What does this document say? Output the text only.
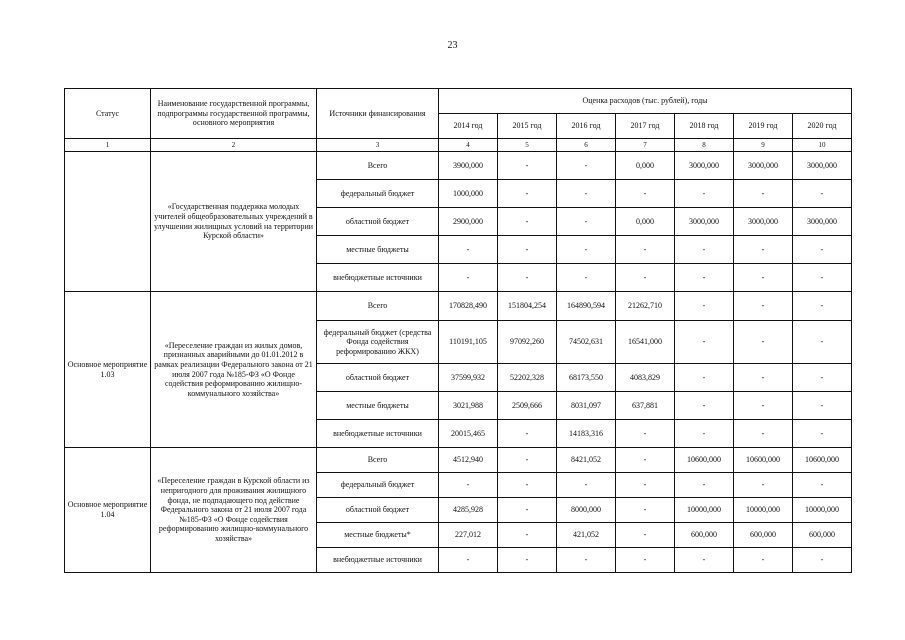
23
Статус	Наименование государственной программы, подпрограммы государственной программы, основного мероприятия	Источники финансирования	Оценка расходов (тыс. рублей), годы						
			2014 год	2015 год	2016 год	2017 год	2018 год	2019 год	2020 год
1	2	3	4	5	6	7	8	9	10
	«Государственная поддержка молодых учителей общеобразовательных учреждений в улучшении жилищных условий на территории Курской области»	Всего	3900,000	-	-	0,000	3000,000	3000,000	3000,000
		федеральный бюджет	1000,000	-	-	-	-	-	-
		областной бюджет	2900,000	-	-	0,000	3000,000	3000,000	3000,000
		местные бюджеты	-	-	-	-	-	-	-
		внебюджетные источники	-	-	-	-	-	-	-
Основное мероприятие 1.03	«Переселение граждан из жилых домов, признанных аварийными до 01.01.2012 в рамках реализации Федерального закона от 21 июля 2007 года №185-ФЗ «О Фонде содействия реформированию жилищно-коммунального хозяйства»	Всего	170828,490	151804,254	164890,594	21262,710	-	-	-
		федеральный бюджет (средства Фонда содействия реформированию ЖКХ)	110191,105	97092,260	74502,631	16541,000	-	-	-
		областной бюджет	37599,932	52202,328	68173,550	4083,829	-	-	-
		местные бюджеты	3021,988	2509,666	8031,097	637,881	-	-	-
		внебюджетные источники	20015,465	-	14183,316	-	-	-	-
Основное мероприятие 1.04	«Переселение граждан в Курской области из непригодного для проживания жилищного фонда, не подпадающего под действие Федерального закона от 21 июля 2007 года №185-ФЗ «О Фонде содействия реформированию жилищно-коммунального хозяйства»	Всего	4512,940	-	8421,052	-	10600,000	10600,000	10600,000
		федеральный бюджет	-	-	-	-	-	-	-
		областной бюджет	4285,928	-	8000,000	-	10000,000	10000,000	10000,000
		местные бюджеты*	227,012	-	421,052	-	600,000	600,000	600,000
		внебюджетные источники	-	-	-	-	-	-	-
